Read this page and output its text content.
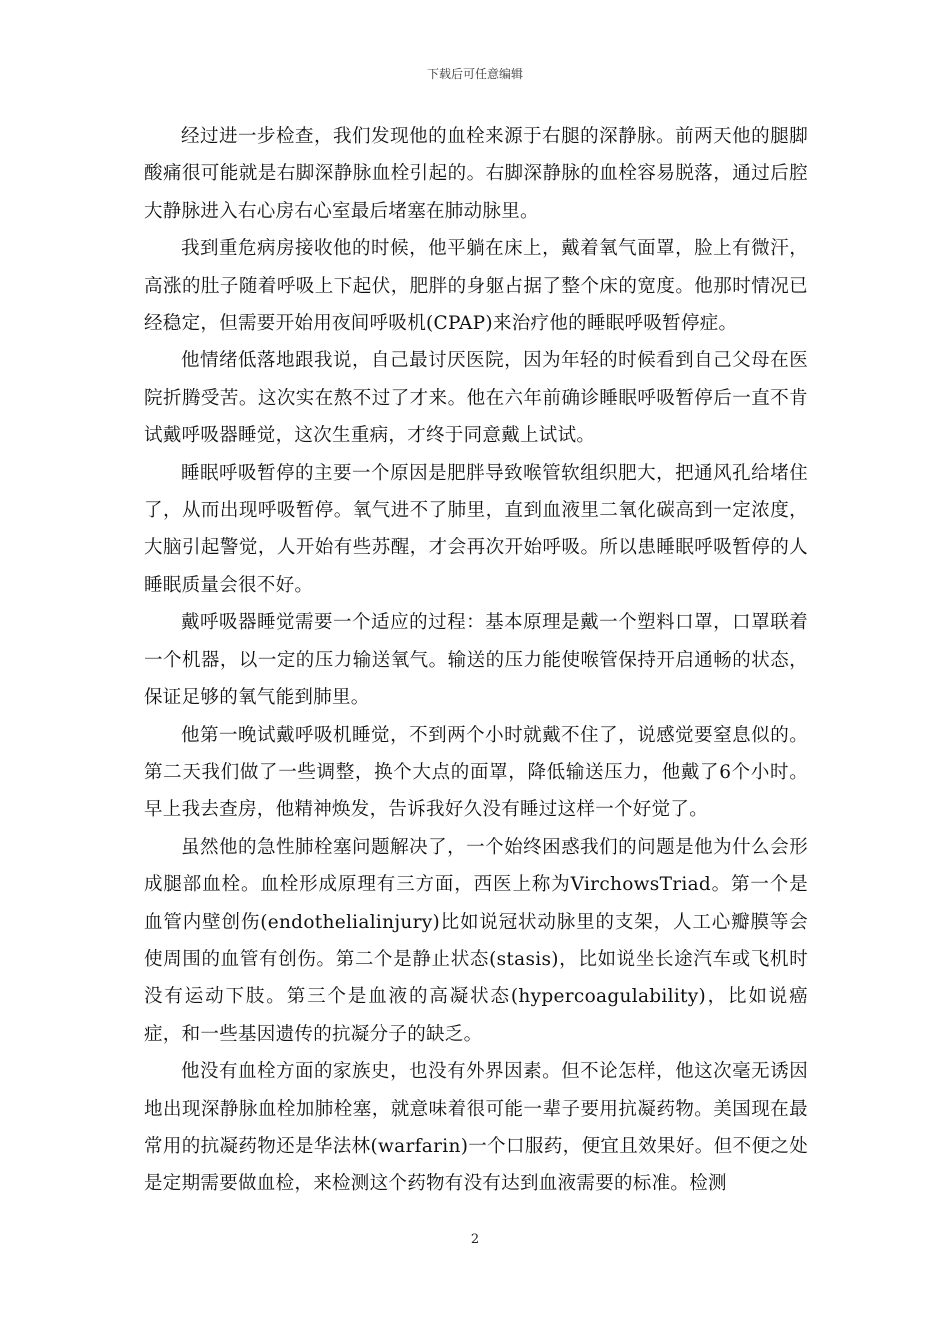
下载后可任意编辑

经过进一步检查，我们发现他的血栓来源于右腿的深静脉。前两天他的腿脚酸痛很可能就是右脚深静脉血栓引起的。右脚深静脉的血栓容易脱落，通过后腔大静脉进入右心房右心室最后堵塞在肺动脉里。

我到重危病房接收他的时候，他平躺在床上，戴着氧气面罩，脸上有微汗，高涨的肚子随着呼吸上下起伏，肥胖的身躯占据了整个床的宽度。他那时情况已经稳定，但需要开始用夜间呼吸机(CPAP)来治疗他的睡眠呼吸暂停症。

他情绪低落地跟我说，自己最讨厌医院，因为年轻的时候看到自己父母在医院折腾受苦。这次实在熬不过了才来。他在六年前确诊睡眠呼吸暂停后一直不肯试戴呼吸器睡觉，这次生重病，才终于同意戴上试试。

睡眠呼吸暂停的主要一个原因是肥胖导致喉管软组织肥大，把通风孔给堵住了，从而出现呼吸暂停。氧气进不了肺里，直到血液里二氧化碳高到一定浓度，大脑引起警觉，人开始有些苏醒，才会再次开始呼吸。所以患睡眠呼吸暂停的人睡眠质量会很不好。

戴呼吸器睡觉需要一个适应的过程：基本原理是戴一个塑料口罩，口罩联着一个机器，以一定的压力输送氧气。输送的压力能使喉管保持开启通畅的状态，保证足够的氧气能到肺里。

他第一晚试戴呼吸机睡觉，不到两个小时就戴不住了，说感觉要窒息似的。第二天我们做了一些调整，换个大点的面罩，降低输送压力，他戴了6个小时。早上我去查房，他精神焕发，告诉我好久没有睡过这样一个好觉了。

虽然他的急性肺栓塞问题解决了，一个始终困惑我们的问题是他为什么会形成腿部血栓。血栓形成原理有三方面，西医上称为VirchowsTriad。第一个是血管内壁创伤(endothelialinjury)比如说冠状动脉里的支架，人工心瓣膜等会使周围的血管有创伤。第二个是静止状态(stasis)，比如说坐长途汽车或飞机时没有运动下肢。第三个是血液的高凝状态(hypercoagulability)，比如说癌症，和一些基因遗传的抗凝分子的缺乏。

他没有血栓方面的家族史，也没有外界因素。但不论怎样，他这次毫无诱因地出现深静脉血栓加肺栓塞，就意味着很可能一辈子要用抗凝药物。美国现在最常用的抗凝药物还是华法林(warfarin)一个口服药，便宜且效果好。但不便之处是定期需要做血检，来检测这个药物有没有达到血液需要的标准。检测

2
